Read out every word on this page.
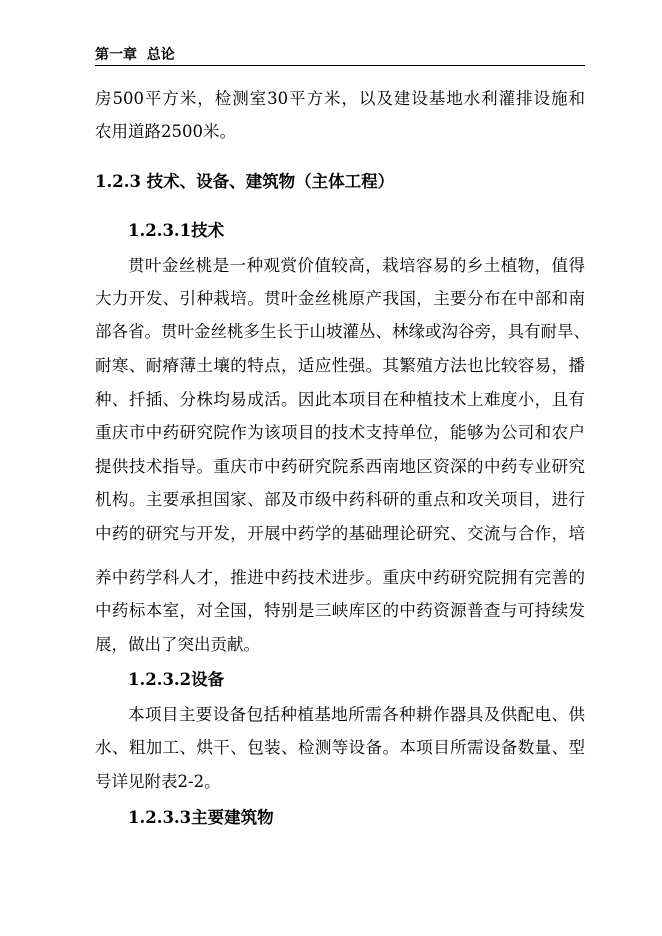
第一章 总论
房500平方米，检测室30平方米，以及建设基地水利灌排设施和
农用道路2500米。
1.2.3 技术、设备、建筑物（主体工程）
1.2.3.1技术
贯叶金丝桃是一种观赏价值较高，栽培容易的乡土植物，值得
大力开发、引种栽培。贯叶金丝桃原产我国，主要分布在中部和南
部各省。贯叶金丝桃多生长于山坡灌丛、林缘或沟谷旁，具有耐旱、
耐寒、耐瘠薄土壤的特点，适应性强。其繁殖方法也比较容易，播
种、扦插、分株均易成活。因此本项目在种植技术上难度小，且有
重庆市中药研究院作为该项目的技术支持单位，能够为公司和农户
提供技术指导。重庆市中药研究院系西南地区资深的中药专业研究
机构。主要承担国家、部及市级中药科研的重点和攻关项目，进行
中药的研究与开发，开展中药学的基础理论研究、交流与合作，培
养中药学科人才，推进中药技术进步。重庆中药研究院拥有完善的
中药标本室，对全国，特别是三峡库区的中药资源普查与可持续发
展，做出了突出贡献。
1.2.3.2设备
本项目主要设备包括种植基地所需各种耕作器具及供配电、供
水、粗加工、烘干、包装、检测等设备。本项目所需设备数量、型
号详见附表2-2。
1.2.3.3主要建筑物
